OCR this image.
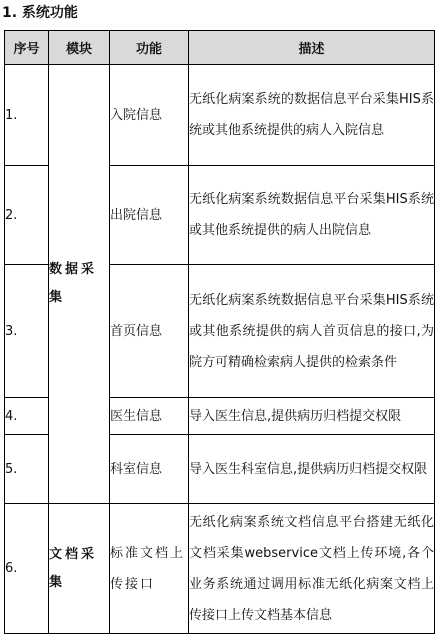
1. 系统功能
序号	模块	功能	描述
1.	数据采集	入院信息	无纸化病案系统的数据信息平台采集HIS系统或其他系统提供的病人入院信息
2.		出院信息	无纸化病案系统数据信息平台采集HIS系统或其他系统提供的病人出院信息
3.		首页信息	无纸化病案系统数据信息平台采集HIS系统或其他系统提供的病人首页信息的接口,为院方可精确检索病人提供的检索条件
4.		医生信息	导入医生信息,提供病历归档提交权限
5.		科室信息	导入医生科室信息,提供病历归档提交权限
6.	文档采集	标准文档上传接口	无纸化病案系统文档信息平台搭建无纸化文档采集webservice文档上传环境,各个业务系统通过调用标准无纸化病案文档上传接口上传文档基本信息
